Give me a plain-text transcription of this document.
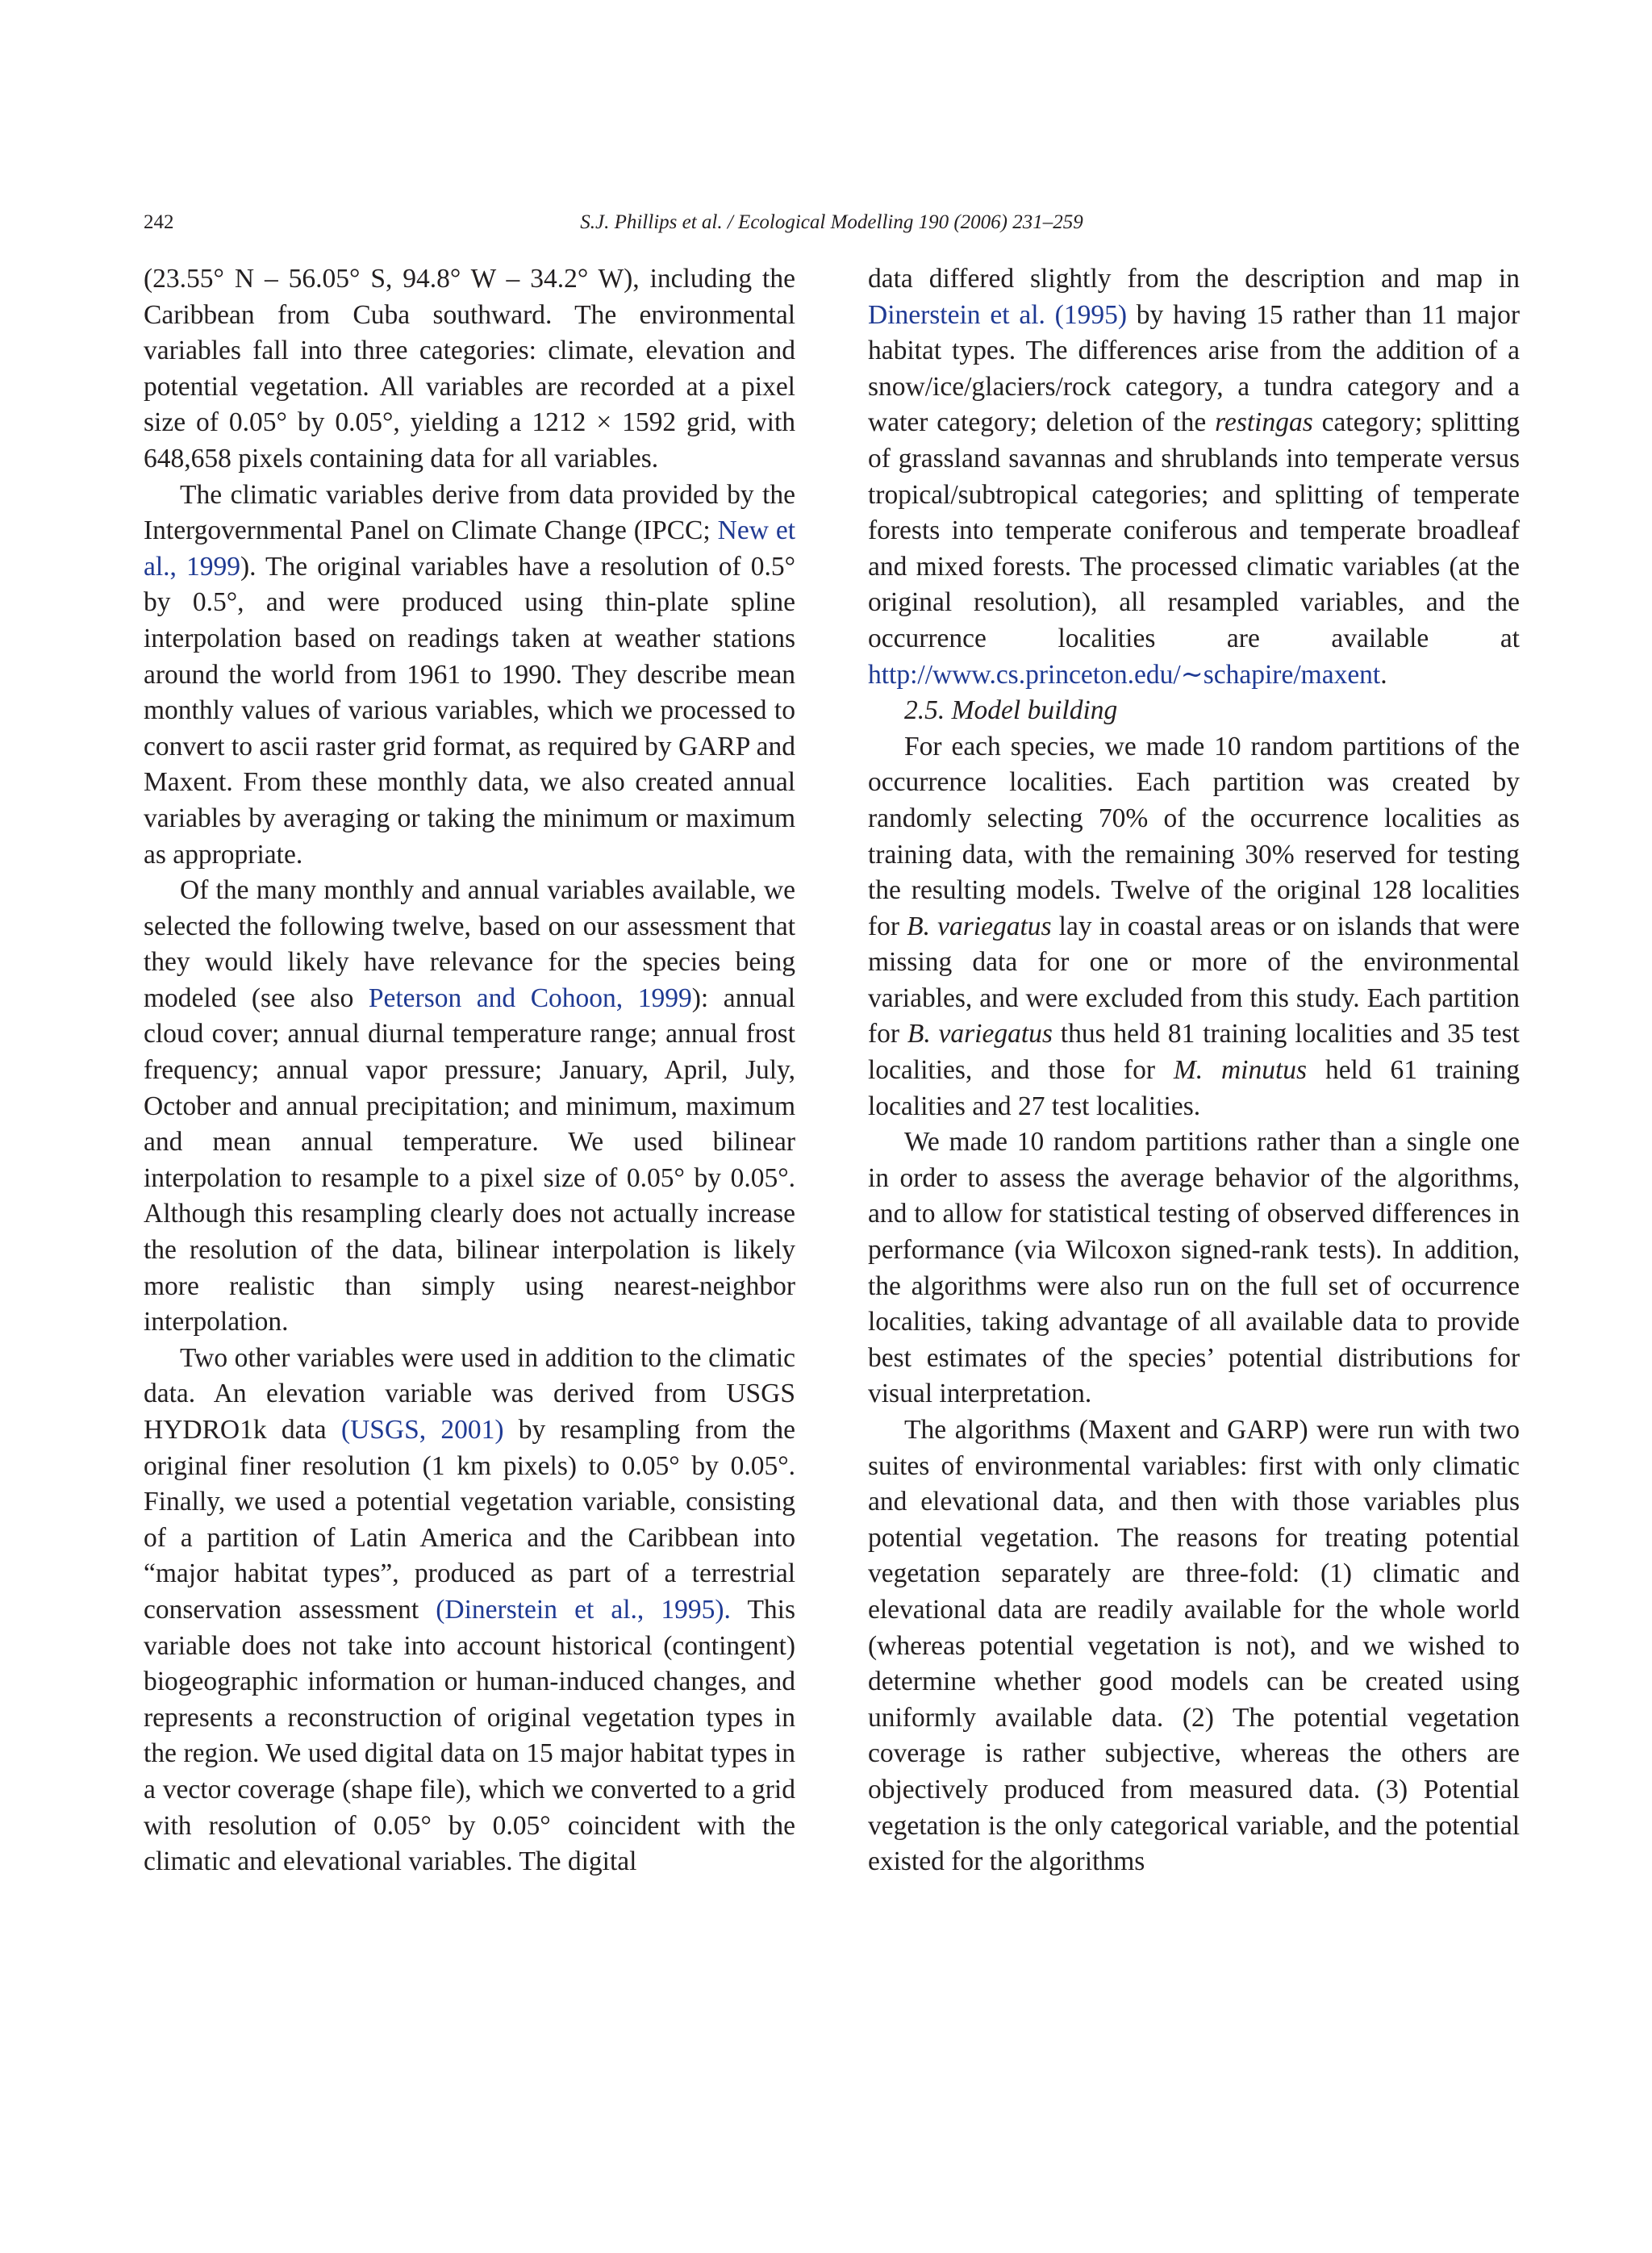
242	S.J. Phillips et al. / Ecological Modelling 190 (2006) 231–259

(23.55° N – 56.05° S, 94.8° W – 34.2° W), including the Caribbean from Cuba southward. The environmental variables fall into three categories: climate, elevation and potential vegetation. All variables are recorded at a pixel size of 0.05° by 0.05°, yielding a 1212 × 1592 grid, with 648,658 pixels containing data for all variables.

The climatic variables derive from data provided by the Intergovernmental Panel on Climate Change (IPCC; New et al., 1999). The original variables have a resolution of 0.5° by 0.5°, and were produced using thin-plate spline interpolation based on readings taken at weather stations around the world from 1961 to 1990. They describe mean monthly values of various variables, which we processed to convert to ascii raster grid format, as required by GARP and Maxent. From these monthly data, we also created annual variables by averaging or taking the minimum or maximum as appropriate.

Of the many monthly and annual variables available, we selected the following twelve, based on our assessment that they would likely have relevance for the species being modeled (see also Peterson and Cohoon, 1999): annual cloud cover; annual diurnal temperature range; annual frost frequency; annual vapor pressure; January, April, July, October and annual precipitation; and minimum, maximum and mean annual temperature. We used bilinear interpolation to resample to a pixel size of 0.05° by 0.05°. Although this resampling clearly does not actually increase the resolution of the data, bilinear interpolation is likely more realistic than simply using nearest-neighbor interpolation.

Two other variables were used in addition to the climatic data. An elevation variable was derived from USGS HYDRO1k data (USGS, 2001) by resampling from the original finer resolution (1 km pixels) to 0.05° by 0.05°. Finally, we used a potential vegetation variable, consisting of a partition of Latin America and the Caribbean into “major habitat types”, produced as part of a terrestrial conservation assessment (Dinerstein et al., 1995). This variable does not take into account historical (contingent) biogeographic information or human-induced changes, and represents a reconstruction of original vegetation types in the region. We used digital data on 15 major habitat types in a vector coverage (shape file), which we converted to a grid with resolution of 0.05° by 0.05° coincident with the climatic and elevational variables. The digital

data differed slightly from the description and map in Dinerstein et al. (1995) by having 15 rather than 11 major habitat types. The differences arise from the addition of a snow/ice/glaciers/rock category, a tundra category and a water category; deletion of the restingas category; splitting of grassland savannas and shrublands into temperate versus tropical/subtropical categories; and splitting of temperate forests into temperate coniferous and temperate broadleaf and mixed forests. The processed climatic variables (at the original resolution), all resampled variables, and the occurrence localities are available at http://www.cs.princeton.edu/∼schapire/maxent.

2.5. Model building

For each species, we made 10 random partitions of the occurrence localities. Each partition was created by randomly selecting 70% of the occurrence localities as training data, with the remaining 30% reserved for testing the resulting models. Twelve of the original 128 localities for B. variegatus lay in coastal areas or on islands that were missing data for one or more of the environmental variables, and were excluded from this study. Each partition for B. variegatus thus held 81 training localities and 35 test localities, and those for M. minutus held 61 training localities and 27 test localities.

We made 10 random partitions rather than a single one in order to assess the average behavior of the algorithms, and to allow for statistical testing of observed differences in performance (via Wilcoxon signed-rank tests). In addition, the algorithms were also run on the full set of occurrence localities, taking advantage of all available data to provide best estimates of the species’ potential distributions for visual interpretation.

The algorithms (Maxent and GARP) were run with two suites of environmental variables: first with only climatic and elevational data, and then with those variables plus potential vegetation. The reasons for treating potential vegetation separately are three-fold: (1) climatic and elevational data are readily available for the whole world (whereas potential vegetation is not), and we wished to determine whether good models can be created using uniformly available data. (2) The potential vegetation coverage is rather subjective, whereas the others are objectively produced from measured data. (3) Potential vegetation is the only categorical variable, and the potential existed for the algorithms
